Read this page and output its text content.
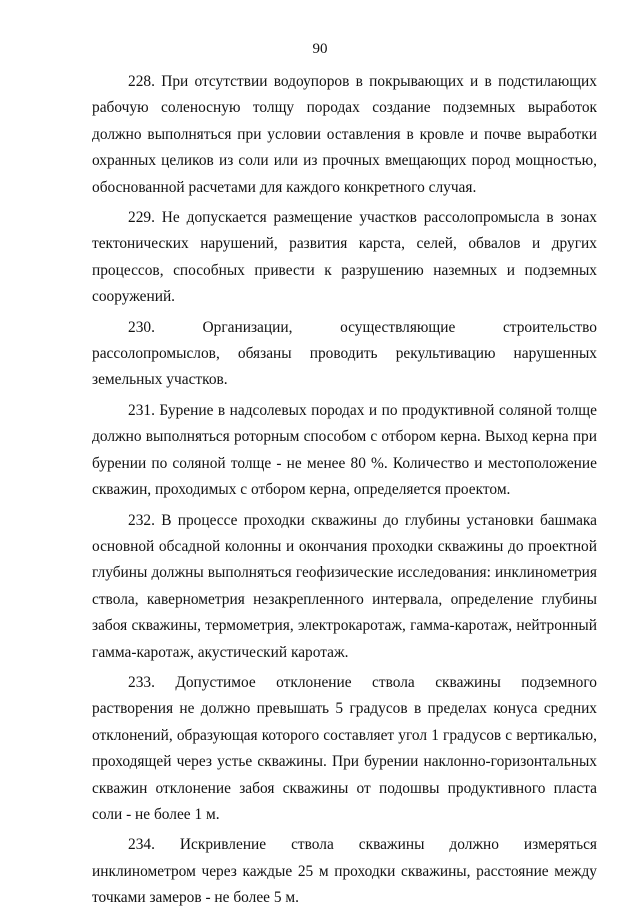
90

228. При отсутствии водоупоров в покрывающих и в подстилающих рабочую соленосную толщу породах создание подземных выработок должно выполняться при условии оставления в кровле и почве выработки охранных целиков из соли или из прочных вмещающих пород мощностью, обоснованной расчетами для каждого конкретного случая.

229. Не допускается размещение участков рассолопромысла в зонах тектонических нарушений, развития карста, селей, обвалов и других процессов, способных привести к разрушению наземных и подземных сооружений.

230. Организации, осуществляющие строительство рассолопромыслов, обязаны проводить рекультивацию нарушенных земельных участков.

231. Бурение в надсолевых породах и по продуктивной соляной толще должно выполняться роторным способом с отбором керна. Выход керна при бурении по соляной толще - не менее 80 %. Количество и местоположение скважин, проходимых с отбором керна, определяется проектом.

232. В процессе проходки скважины до глубины установки башмака основной обсадной колонны и окончания проходки скважины до проектной глубины должны выполняться геофизические исследования: инклинометрия ствола, кавернометрия незакрепленного интервала, определение глубины забоя скважины, термометрия, электрокаротаж, гамма-каротаж, нейтронный гамма-каротаж, акустический каротаж.

233. Допустимое отклонение ствола скважины подземного растворения не должно превышать 5 градусов в пределах конуса средних отклонений, образующая которого составляет угол 1 градусов с вертикалью, проходящей через устье скважины. При бурении наклонно-горизонтальных скважин отклонение забоя скважины от подошвы продуктивного пласта соли - не более 1 м.

234. Искривление ствола скважины должно измеряться инклинометром через каждые 25 м проходки скважины, расстояние между точками замеров - не более 5 м.
